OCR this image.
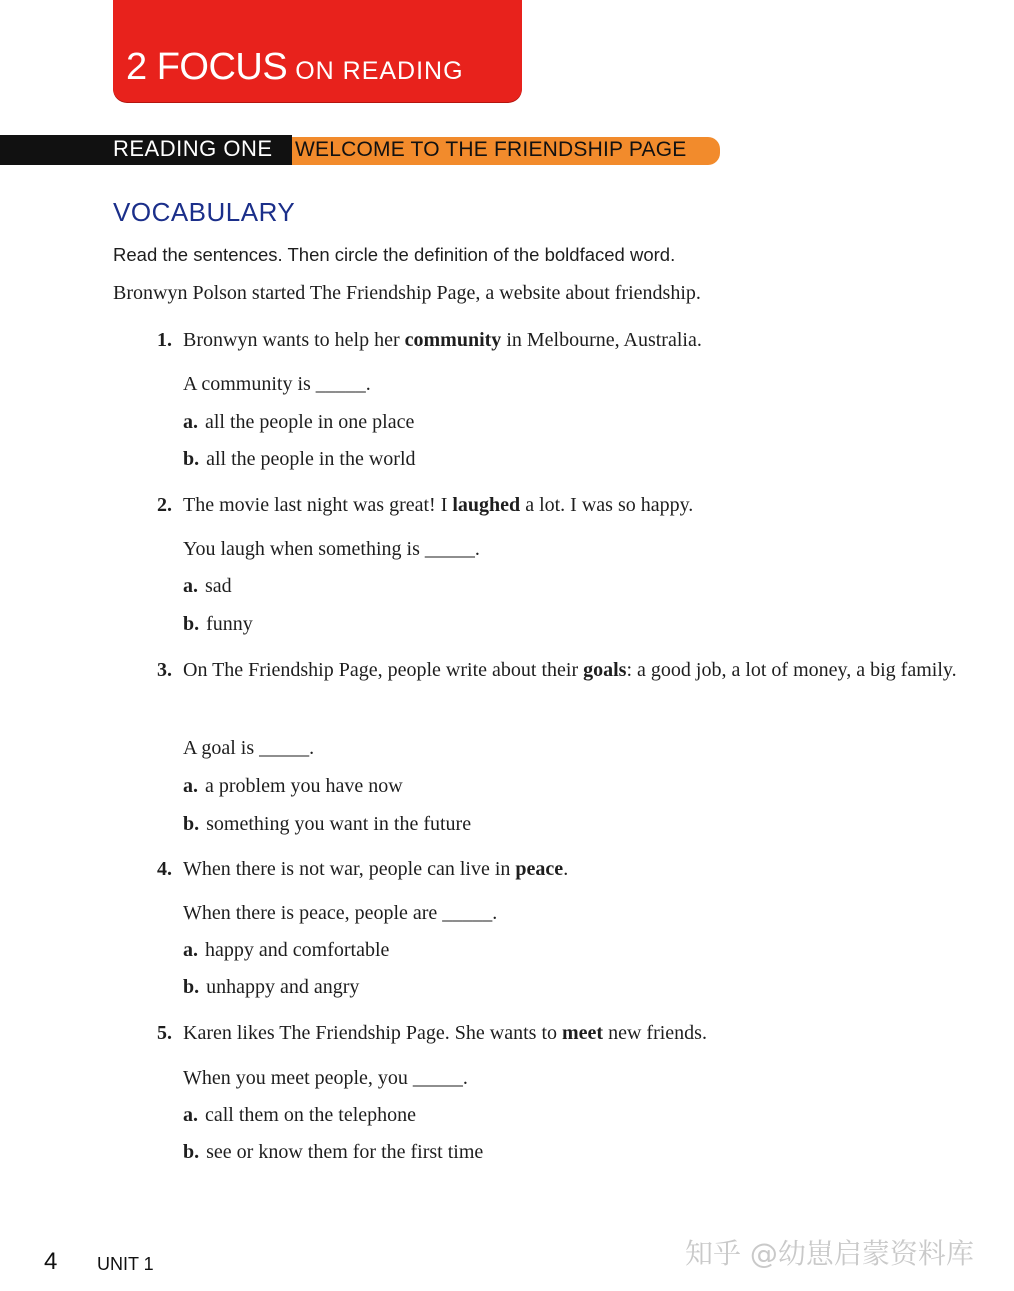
2 FOCUS ON READING
READING ONE WELCOME TO THE FRIENDSHIP PAGE
VOCABULARY
Read the sentences. Then circle the definition of the boldfaced word.
Bronwyn Polson started The Friendship Page, a website about friendship.
1. Bronwyn wants to help her community in Melbourne, Australia.
A community is _____.
a. all the people in one place
b. all the people in the world
2. The movie last night was great! I laughed a lot. I was so happy.
You laugh when something is _____.
a. sad
b. funny
3. On The Friendship Page, people write about their goals: a good job, a lot of money, a big family.
A goal is _____.
a. a problem you have now
b. something you want in the future
4. When there is not war, people can live in peace.
When there is peace, people are _____.
a. happy and comfortable
b. unhappy and angry
5. Karen likes The Friendship Page. She wants to meet new friends.
When you meet people, you _____.
a. call them on the telephone
b. see or know them for the first time
4 UNIT 1	知乎 @幼崽启蒙资料库
